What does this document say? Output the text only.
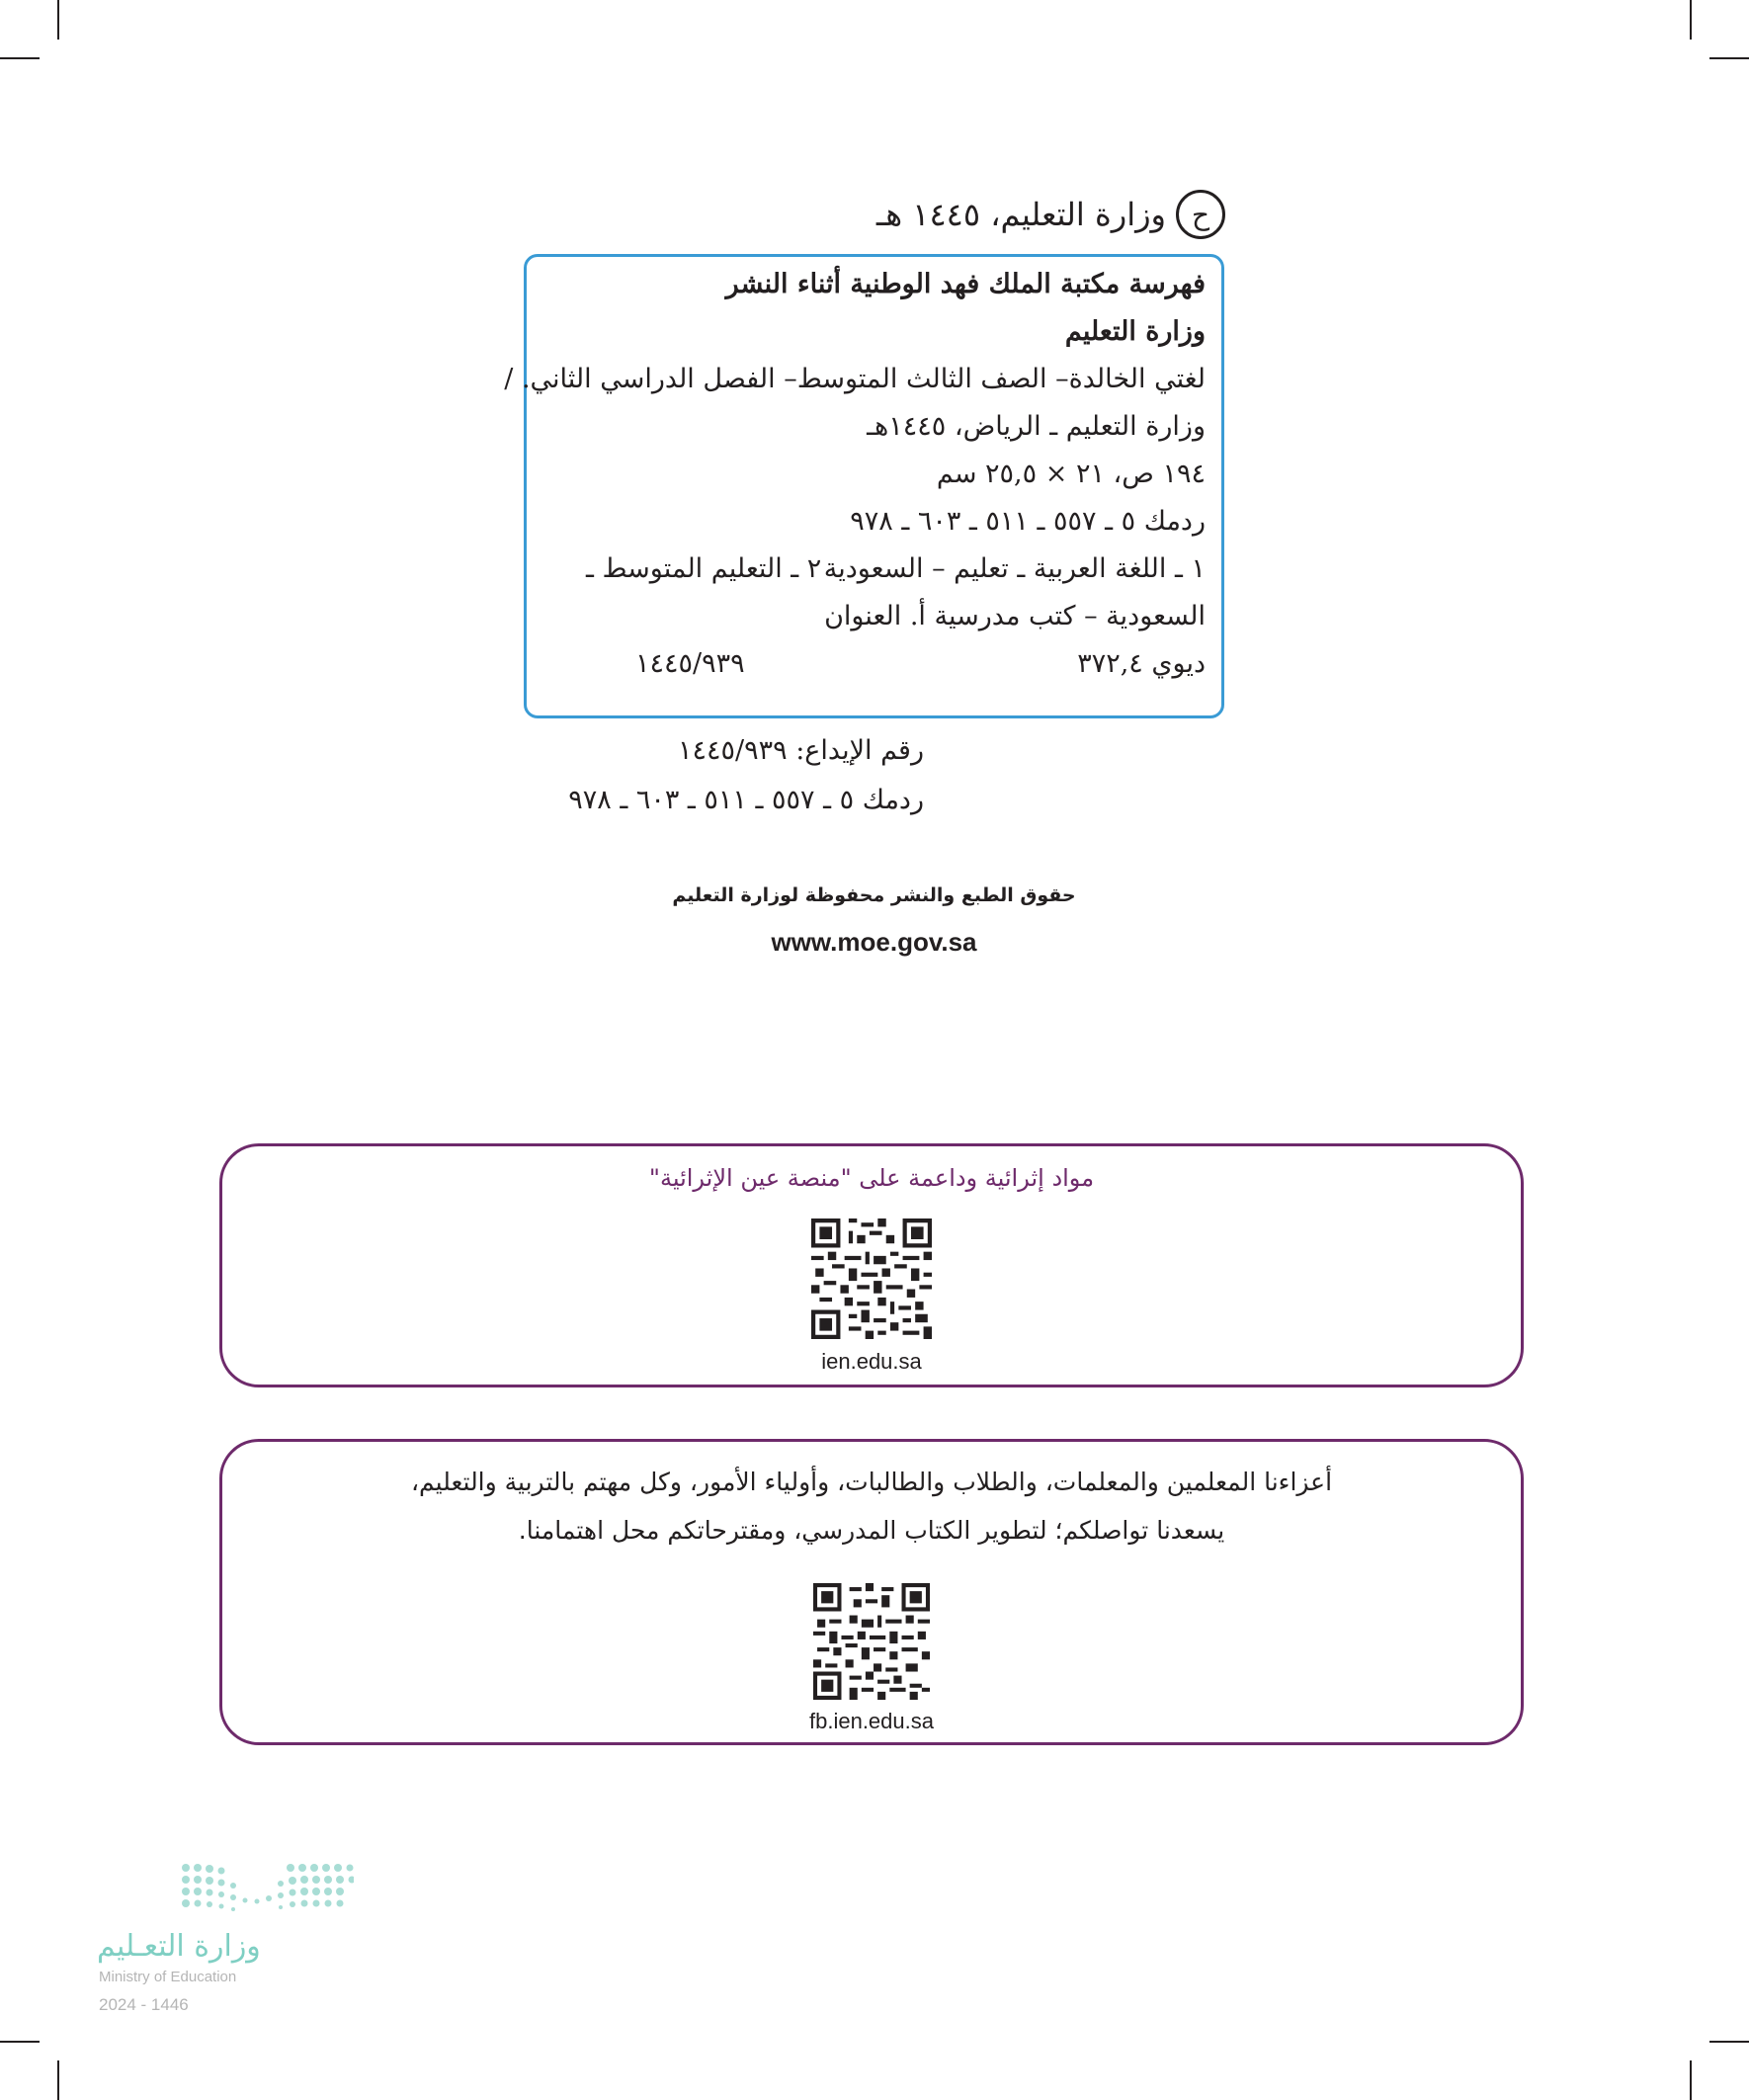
ح
وزارة التعليم، ١٤٤٥ هـ
فهرسة مكتبة الملك فهد الوطنية أثناء النشر
وزارة التعليم
لغتي الخالدة– الصف الثالث المتوسط– الفصل الدراسي الثاني. /
وزارة التعليم ـ الرياض، ١٤٤٥هـ
١٩٤ ص، ٢١ × ٢٥,٥ سم
ردمك ٥ ـ ٥٥٧ ـ ٥١١ ـ ٦٠٣ ـ ٩٧٨
١ ـ اللغة العربية ـ تعليم – السعودية
٢ ـ التعليم المتوسط ـ
السعودية – كتب مدرسية أ. العنوان
ديوي ٣٧٢,٤
١٤٤٥/٩٣٩
رقم الإيداع: ١٤٤٥/٩٣٩
ردمك ٥ ـ ٥٥٧ ـ ٥١١ ـ ٦٠٣ ـ ٩٧٨
حقوق الطبع والنشر محفوظة لوزارة التعليم
www.moe.gov.sa
مواد إثرائية وداعمة على "منصة عين الإثرائية"
ien.edu.sa
أعزاءنا المعلمين والمعلمات، والطلاب والطالبات، وأولياء الأمور، وكل مهتم بالتربية والتعليم،
يسعدنا تواصلكم؛ لتطوير الكتاب المدرسي، ومقترحاتكم محل اهتمامنا.
fb.ien.edu.sa
وزارة التعـليم
Ministry of Education
2024 - 1446
